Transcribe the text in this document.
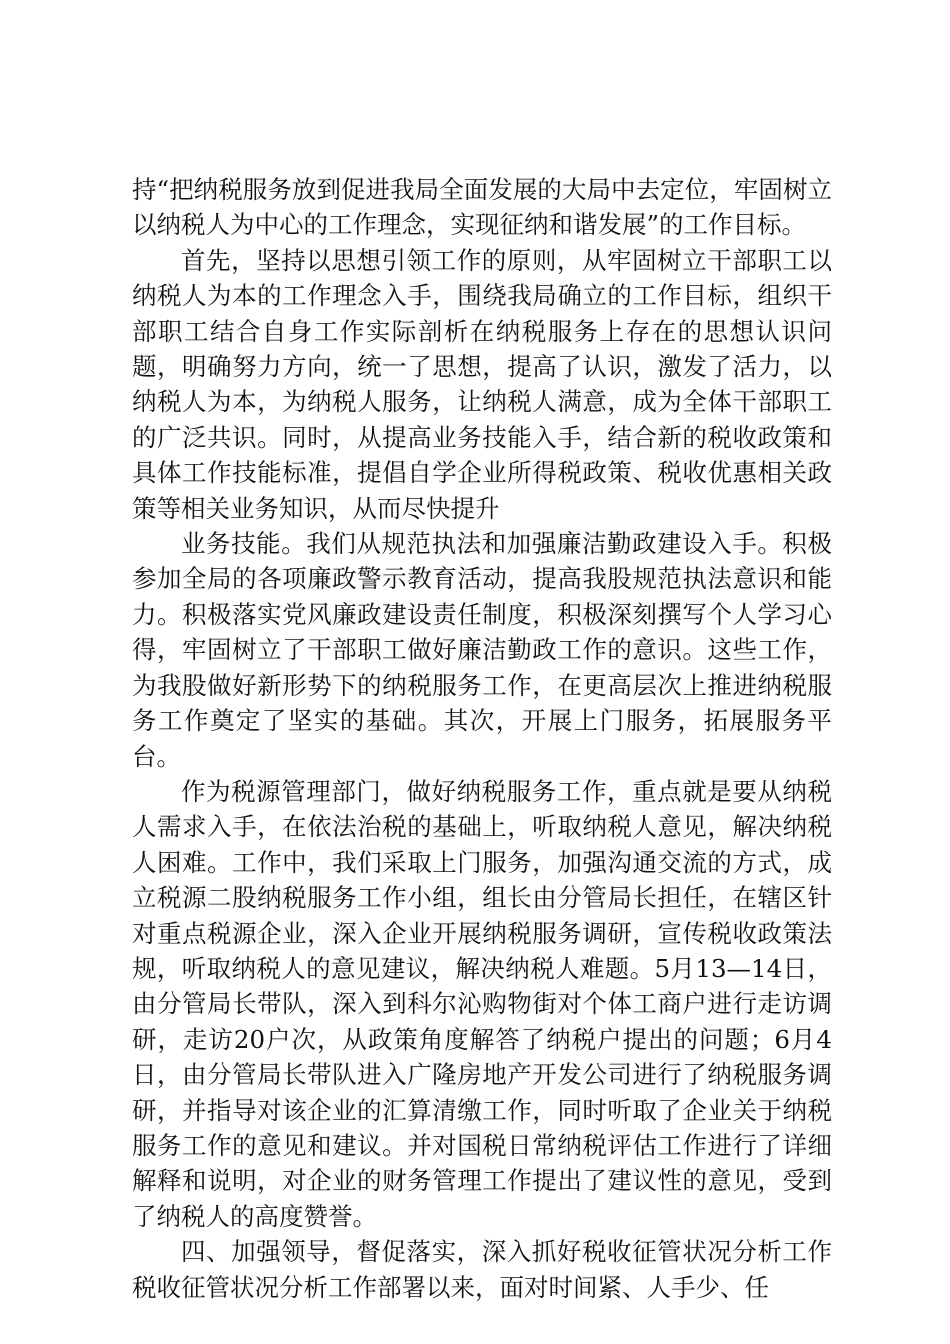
持“把纳税服务放到促进我局全面发展的大局中去定位，牢固树立以纳税人为中心的工作理念，实现征纳和谐发展”的工作目标。

首先，坚持以思想引领工作的原则，从牢固树立干部职工以纳税人为本的工作理念入手，围绕我局确立的工作目标，组织干部职工结合自身工作实际剖析在纳税服务上存在的思想认识问题，明确努力方向，统一了思想，提高了认识，激发了活力，以纳税人为本，为纳税人服务，让纳税人满意，成为全体干部职工的广泛共识。同时，从提高业务技能入手，结合新的税收政策和具体工作技能标准，提倡自学企业所得税政策、税收优惠相关政策等相关业务知识，从而尽快提升

业务技能。我们从规范执法和加强廉洁勤政建设入手。积极参加全局的各项廉政警示教育活动，提高我股规范执法意识和能力。积极落实党风廉政建设责任制度，积极深刻撰写个人学习心得，牢固树立了干部职工做好廉洁勤政工作的意识。这些工作，为我股做好新形势下的纳税服务工作，在更高层次上推进纳税服务工作奠定了坚实的基础。其次，开展上门服务，拓展服务平台。

作为税源管理部门，做好纳税服务工作，重点就是要从纳税人需求入手，在依法治税的基础上，听取纳税人意见，解决纳税人困难。工作中，我们采取上门服务，加强沟通交流的方式，成立税源二股纳税服务工作小组，组长由分管局长担任，在辖区针对重点税源企业，深入企业开展纳税服务调研，宣传税收政策法规，听取纳税人的意见建议，解决纳税人难题。5月13—14日，由分管局长带队，深入到科尔沁购物街对个体工商户进行走访调研，走访20户次，从政策角度解答了纳税户提出的问题；6月4日，由分管局长带队进入广隆房地产开发公司进行了纳税服务调研，并指导对该企业的汇算清缴工作，同时听取了企业关于纳税服务工作的意见和建议。并对国税日常纳税评估工作进行了详细解释和说明，对企业的财务管理工作提出了建议性的意见，受到了纳税人的高度赞誉。

四、加强领导，督促落实，深入抓好税收征管状况分析工作税收征管状况分析工作部署以来，面对时间紧、人手少、任
